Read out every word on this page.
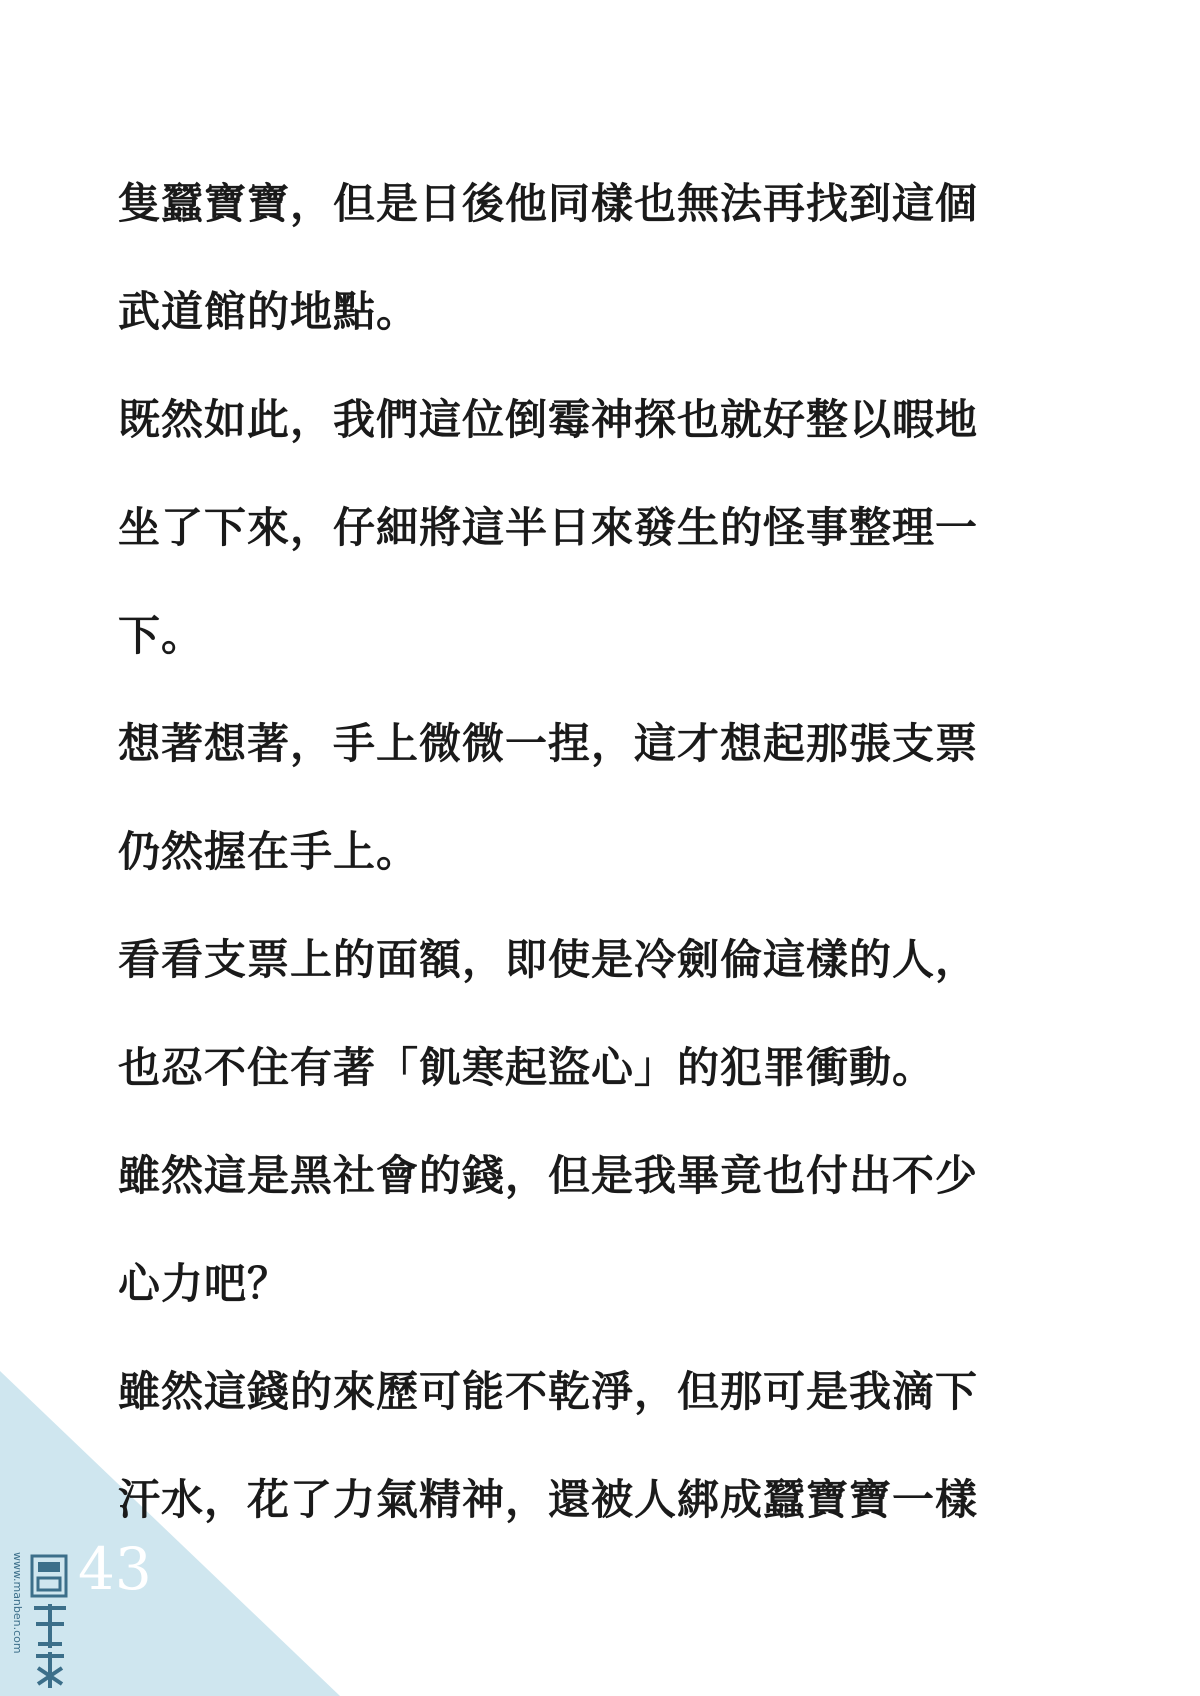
隻蠶寶寶，但是日後他同樣也無法再找到這個
武道館的地點。
既然如此，我們這位倒霉神探也就好整以暇地
坐了下來，仔細將這半日來發生的怪事整理一
下。
想著想著，手上微微一捏，這才想起那張支票
仍然握在手上。
看看支票上的面額，即使是冷劍倫這樣的人，
也忍不住有著「飢寒起盜心」的犯罪衝動。
雖然這是黑社會的錢，但是我畢竟也付出不少
心力吧？
雖然這錢的來歷可能不乾淨，但那可是我滴下
汗水，花了力氣精神，還被人綁成蠶寶寶一樣
43
www.manben.com
